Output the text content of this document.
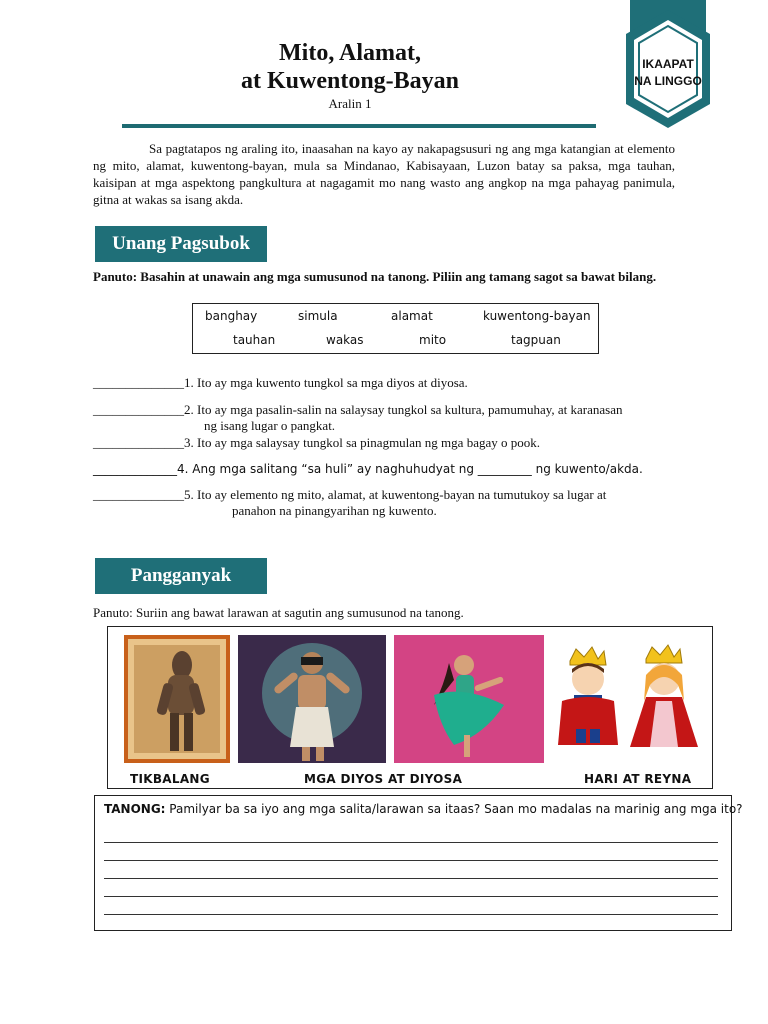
IKAAPAT
NA LINGGO
Mito, Alamat,
at Kuwentong-Bayan
Aralin 1
Sa pagtatapos ng araling ito, inaasahan na kayo ay nakapagsusuri ng ang mga katangian at elemento ng mito, alamat, kuwentong-bayan, mula sa Mindanao, Kabisayaan, Luzon batay sa paksa, mga tauhan, kaisipan at mga aspektong pangkultura at nagagamit mo nang wasto ang angkop na mga pahayag panimula, gitna at wakas sa isang akda.
Unang Pagsubok
Panuto: Basahin at unawain ang mga sumusunod na tanong. Piliin ang tamang sagot sa bawat bilang.
banghay	simula	alamat	kuwentong-bayan
tauhan	wakas	mito	tagpuan
______________1. Ito ay mga kuwento tungkol sa mga diyos at diyosa.
______________2. Ito ay mga pasalin-salin na salaysay tungkol sa kultura, pamumuhay, at karanasan
ng isang lugar o pangkat.
______________3. Ito ay mga salaysay tungkol sa pinagmulan ng mga bagay o pook.
______________4. Ang mga salitang “sa huli” ay naghuhudyat ng _________ ng kuwento/akda.
______________5. Ito ay elemento ng mito, alamat, at kuwentong-bayan na tumutukoy sa lugar at
panahon na pinangyarihan ng kuwento.
Pangganyak
Panuto: Suriin ang bawat larawan at sagutin ang sumusunod na tanong.
TIKBALANG	MGA DIYOS AT DIYOSA	HARI AT REYNA
TANONG: Pamilyar ba sa iyo ang mga salita/larawan sa itaas? Saan mo madalas na marinig ang mga ito?
